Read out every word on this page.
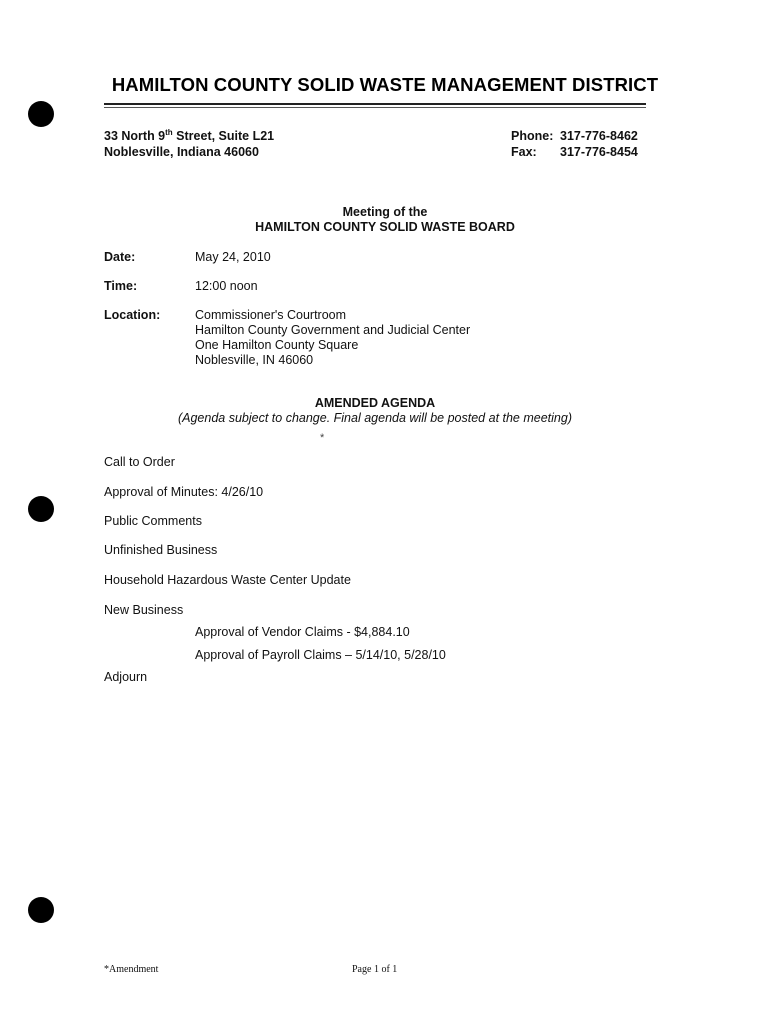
HAMILTON COUNTY SOLID WASTE MANAGEMENT DISTRICT
33 North 9th Street, Suite L21
Noblesville, Indiana 46060
Phone: 317-776-8462
Fax:	317-776-8454
Meeting of the
HAMILTON COUNTY SOLID WASTE BOARD
Date:	May 24, 2010
Time:	12:00 noon
Location:	Commissioner's Courtroom
Hamilton County Government and Judicial Center
One Hamilton County Square
Noblesville, IN 46060
AMENDED AGENDA
(Agenda subject to change. Final agenda will be posted at the meeting)
*
Call to Order
Approval of Minutes: 4/26/10
Public Comments
Unfinished Business
Household Hazardous Waste Center Update
New Business
Approval of Vendor Claims - $4,884.10
Approval of Payroll Claims – 5/14/10, 5/28/10
Adjourn
*Amendment	Page 1 of 1
